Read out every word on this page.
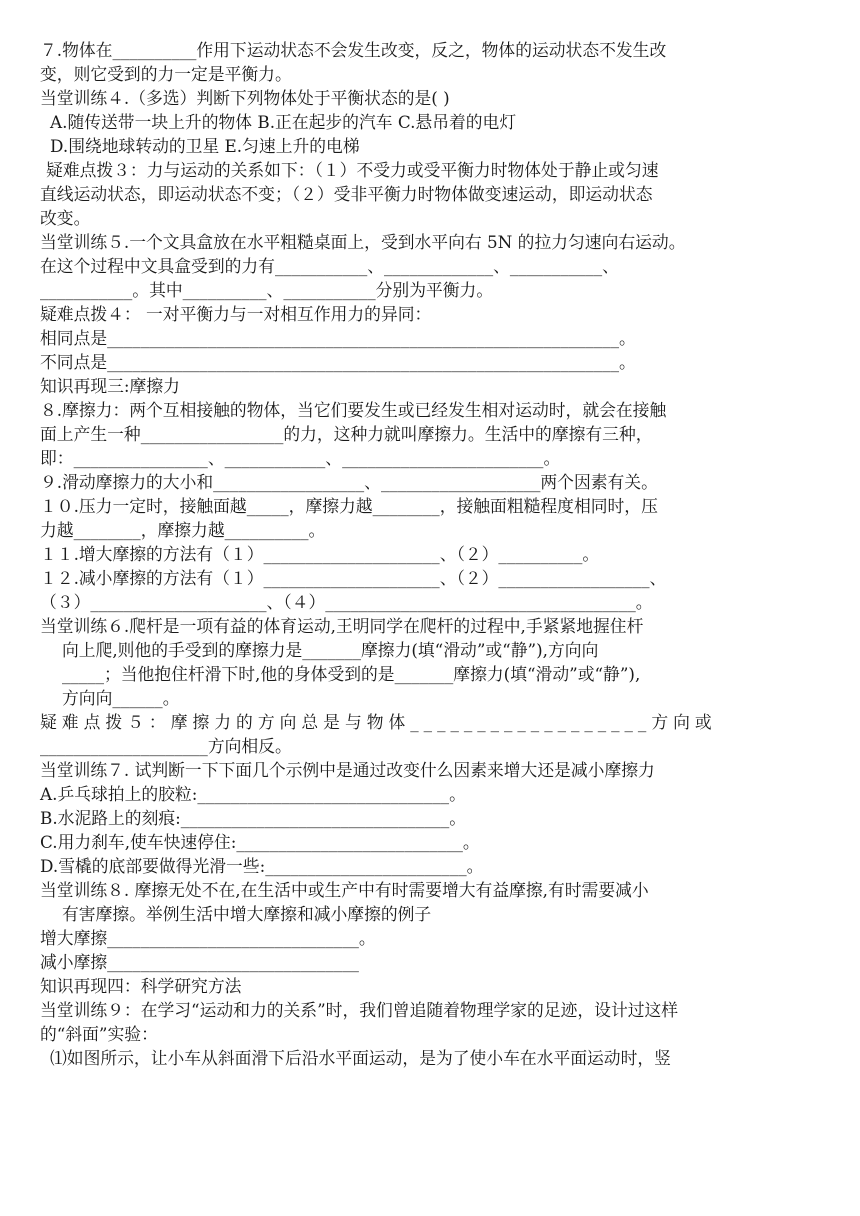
７.物体在__________作用下运动状态不会发生改变，反之，物体的运动状态不发生改

变，则它受到的力一定是平衡力。

当堂训练４.（多选）判断下列物体处于平衡状态的是( )

A.随传送带一块上升的物体 B.正在起步的汽车 C.悬吊着的电灯

D.围绕地球转动的卫星 E.匀速上升的电梯

疑难点拨３：力与运动的关系如下：（１）不受力或受平衡力时物体处于静止或匀速

直线运动状态，即运动状态不变；（２）受非平衡力时物体做变速运动，即运动状态

改变。

当堂训练５.一个文具盒放在水平粗糙桌面上，受到水平向右 5N 的拉力匀速向右运动。

在这个过程中文具盒受到的力有___________、_____________、___________、

___________。其中__________、___________分别为平衡力。

疑难点拨４： 一对平衡力与一对相互作用力的异同：

相同点是_____________________________________________________________。

不同点是_____________________________________________________________。

知识再现三:摩擦力

８.摩擦力：两个互相接触的物体，当它们要发生或已经发生相对运动时，就会在接触

面上产生一种_________________的力，这种力就叫摩擦力。生活中的摩擦有三种，

即：________________、____________、________________________。

９.滑动摩擦力的大小和__________________、___________________两个因素有关。

１０.压力一定时，接触面越_____，摩擦力越________，接触面粗糙程度相同时，压

力越________，摩擦力越__________。

１１.增大摩擦的方法有（１）_____________________、（２）__________。

１２.减小摩擦的方法有（１）_____________________、（２）__________________、

（３）_____________________、（４）_____________________________________。

当堂训练６.爬杆是一项有益的体育运动,王明同学在爬杆的过程中,手紧紧地握住杆

向上爬,则他的手受到的摩擦力是_______摩擦力(填“滑动”或“静”),方向向

_____；当他抱住杆滑下时,他的身体受到的是_______摩擦力(填“滑动”或“静”),

方向向______。

疑难点拨５：摩擦力的方向总是与物体__________________方向或

____________________方向相反。

当堂训练７. 试判断一下下面几个示例中是通过改变什么因素来增大还是减小摩擦力

A.乒乓球拍上的胶粒:______________________________。

B.水泥路上的刻痕:________________________________。

C.用力刹车,使车快速停住:___________________________。

D.雪橇的底部要做得光滑一些:________________________。

当堂训练８. 摩擦无处不在,在生活中或生产中有时需要增大有益摩擦,有时需要减小

有害摩擦。举例生活中增大摩擦和减小摩擦的例子

增大摩擦______________________________。

减小摩擦______________________________

知识再现四：科学研究方法

当堂训练９：在学习“运动和力的关系”时，我们曾追随着物理学家的足迹，设计过这样

的“斜面”实验：

⑴如图所示，让小车从斜面滑下后沿水平面运动，是为了使小车在水平面运动时，竖
